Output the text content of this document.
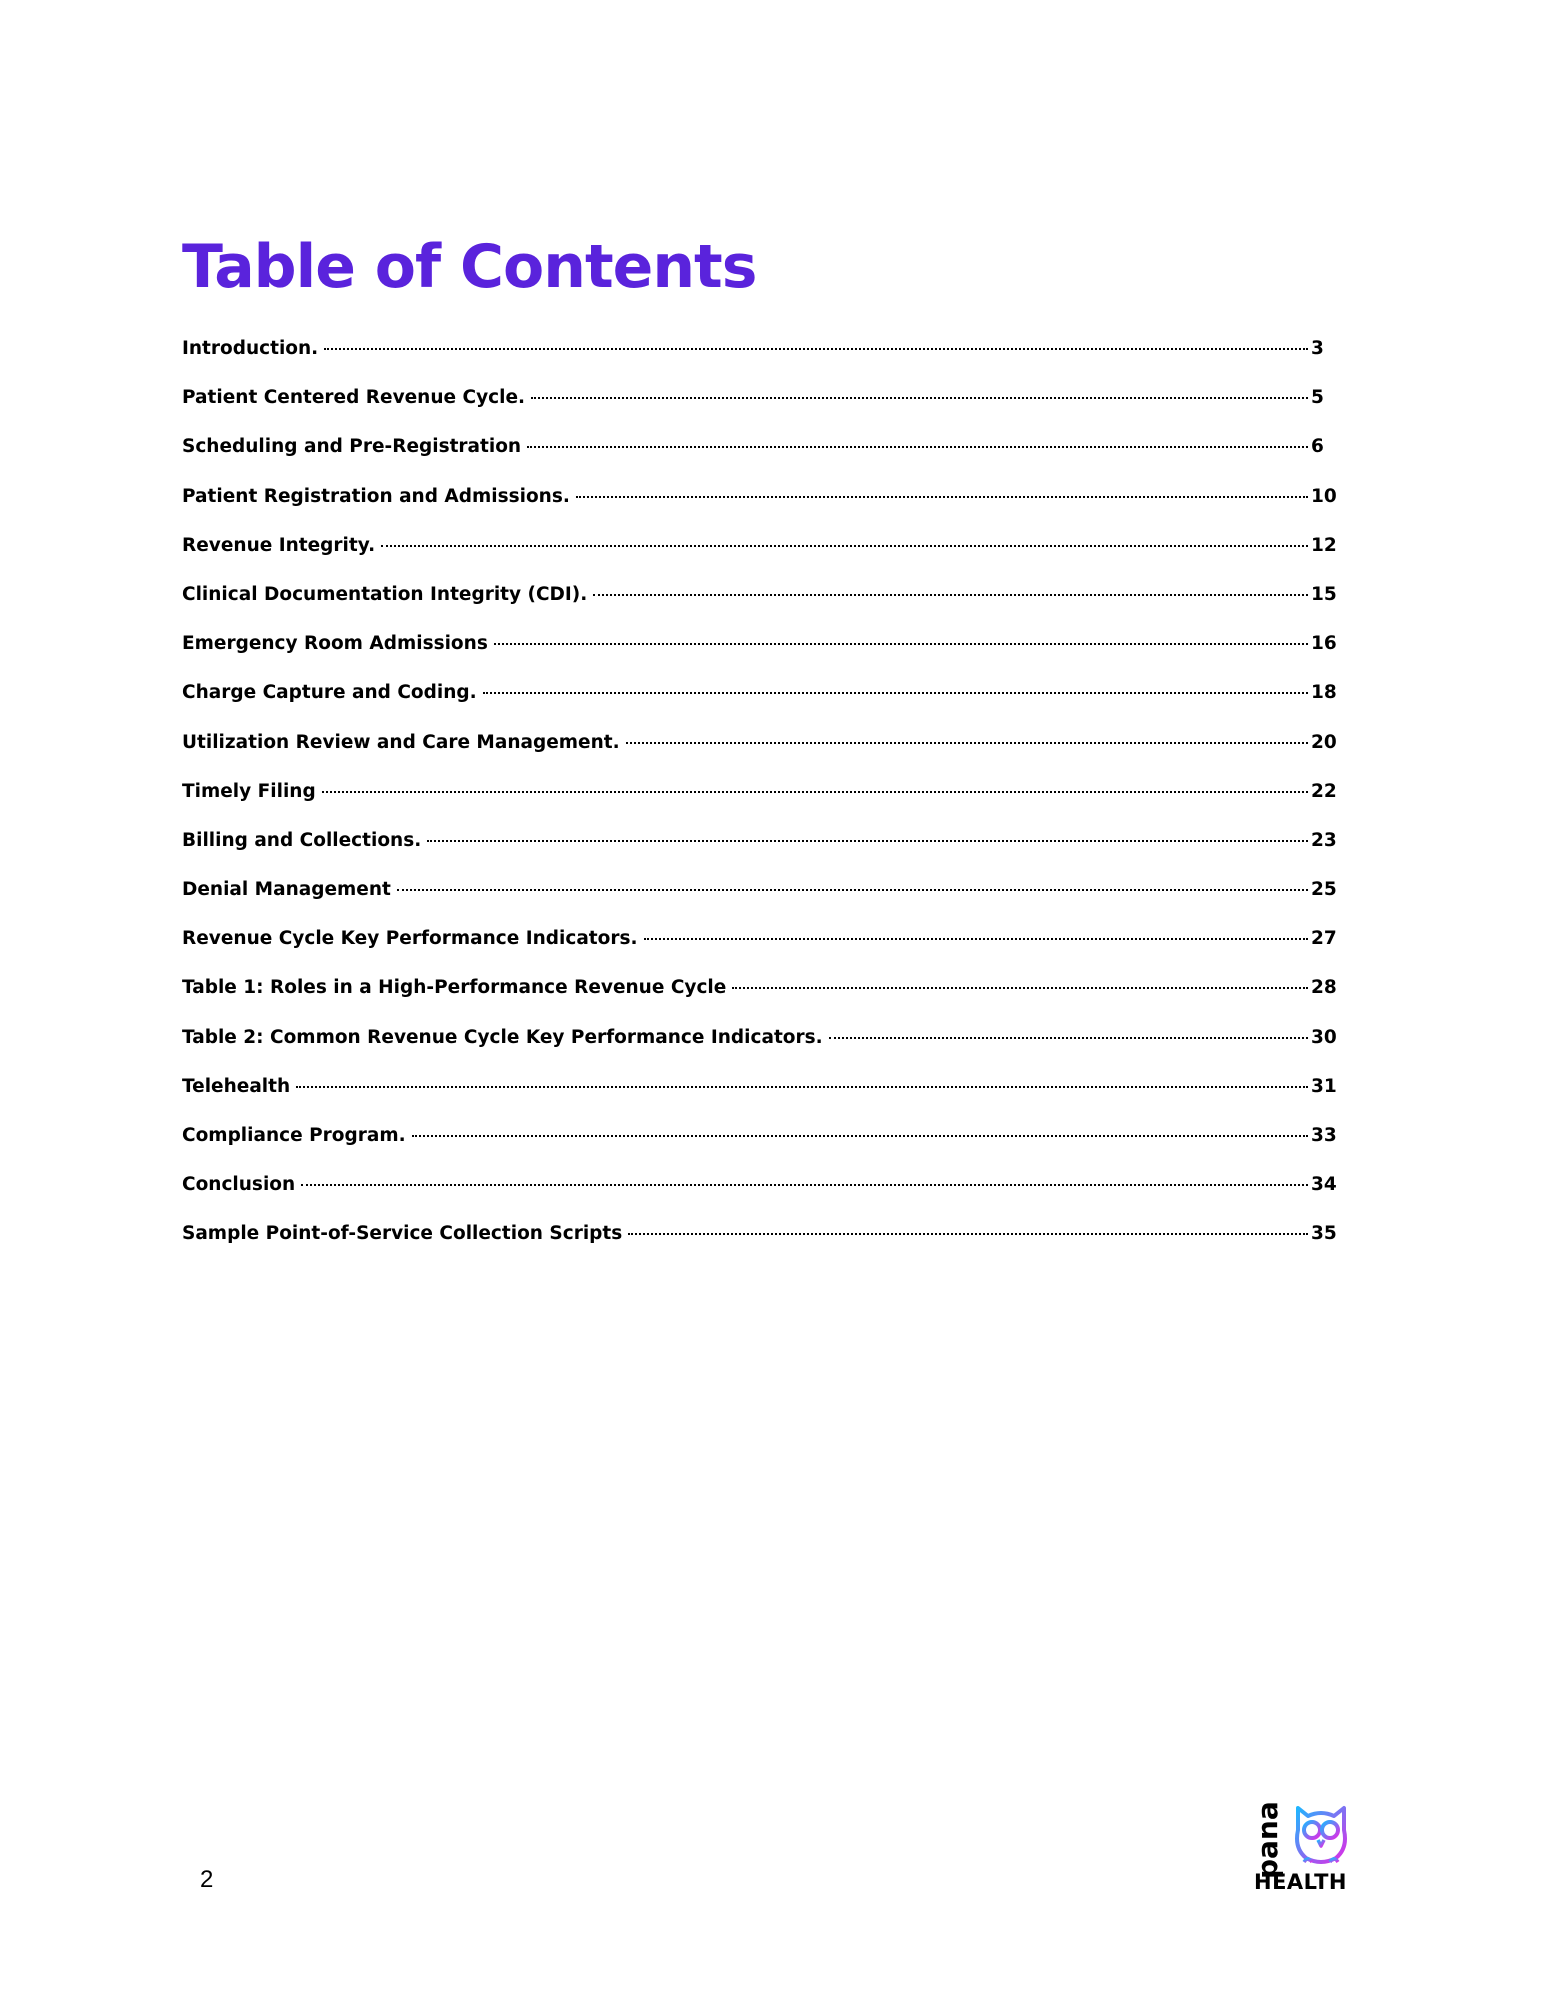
Table of Contents
Introduction.	3
Patient Centered Revenue Cycle.	5
Scheduling and Pre-Registration	6
Patient Registration and Admissions.	10
Revenue Integrity.	12
Clinical Documentation Integrity (CDI).	15
Emergency Room Admissions	16
Charge Capture and Coding.	18
Utilization Review and Care Management.	20
Timely Filing	22
Billing and Collections.	23
Denial Management	25
Revenue Cycle Key Performance Indicators.	27
Table 1: Roles in a High-Performance Revenue Cycle	28
Table 2: Common Revenue Cycle Key Performance Indicators.	30
Telehealth	31
Compliance Program.	33
Conclusion	34
Sample Point-of-Service Collection Scripts	35
2
pana
HEALTH
